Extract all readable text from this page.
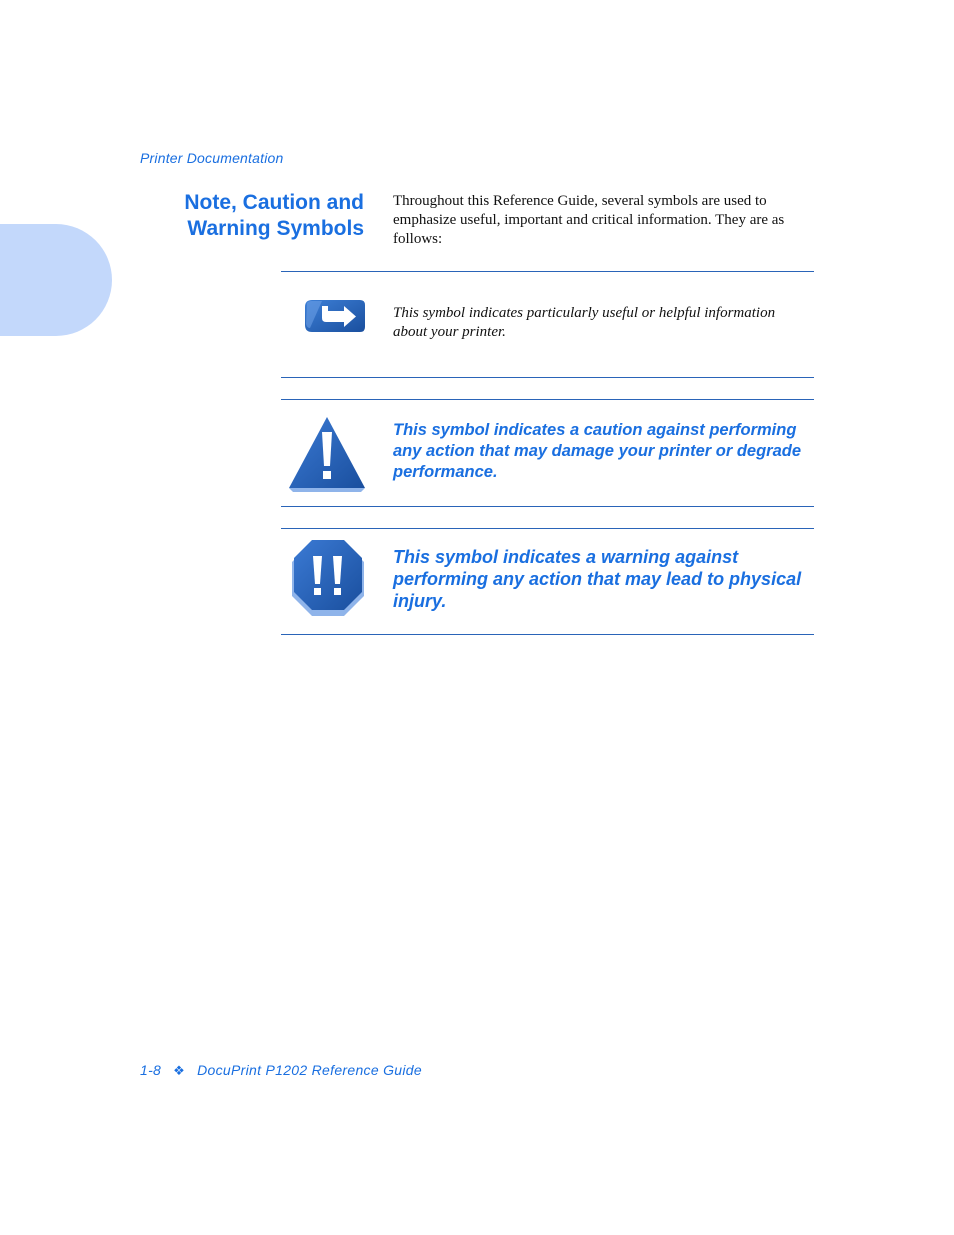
Printer Documentation
Note, Caution and
Warning Symbols

Throughout this Reference Guide, several symbols are used to emphasize useful, important and critical information. They are as follows:

This symbol indicates particularly useful or helpful information about your printer.

This symbol indicates a caution against performing any action that may damage your printer or degrade performance.

This symbol indicates a warning against performing any action that may lead to physical injury.

1-8 ❖ DocuPrint P1202 Reference Guide
